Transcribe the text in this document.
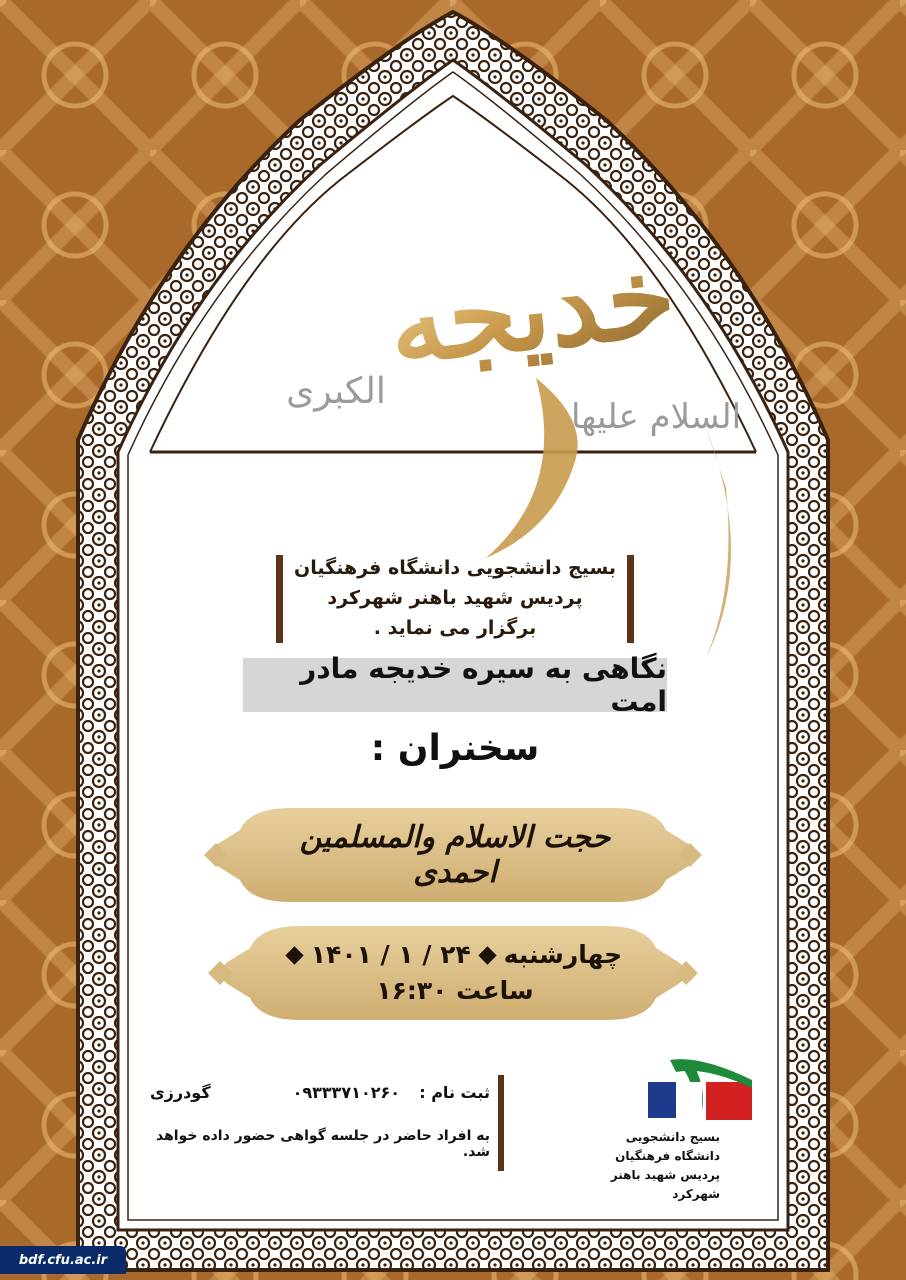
خدیجه
الکبری
السلام علیها
بسیج دانشجویی دانشگاه فرهنگیان
پردیس شهید باهنر شهرکرد
برگزار می نماید .
نگاهی به سیره خدیجه مادر امت
سخنران :
حجت الاسلام والمسلمین احمدی
چهارشنبه
۲۴ / ۱ / ۱۴۰۱
ساعت ۱۶:۳۰
ثبت نام :
۰۹۳۳۳۷۱۰۲۶۰
گودرزی
به افراد حاضر در جلسه گواهی حضور داده خواهد شد.
بسیج دانشجویی
دانشگاه فرهنگیان
پردیس شهید باهنر شهرکرد
bdf.cfu.ac.ir
